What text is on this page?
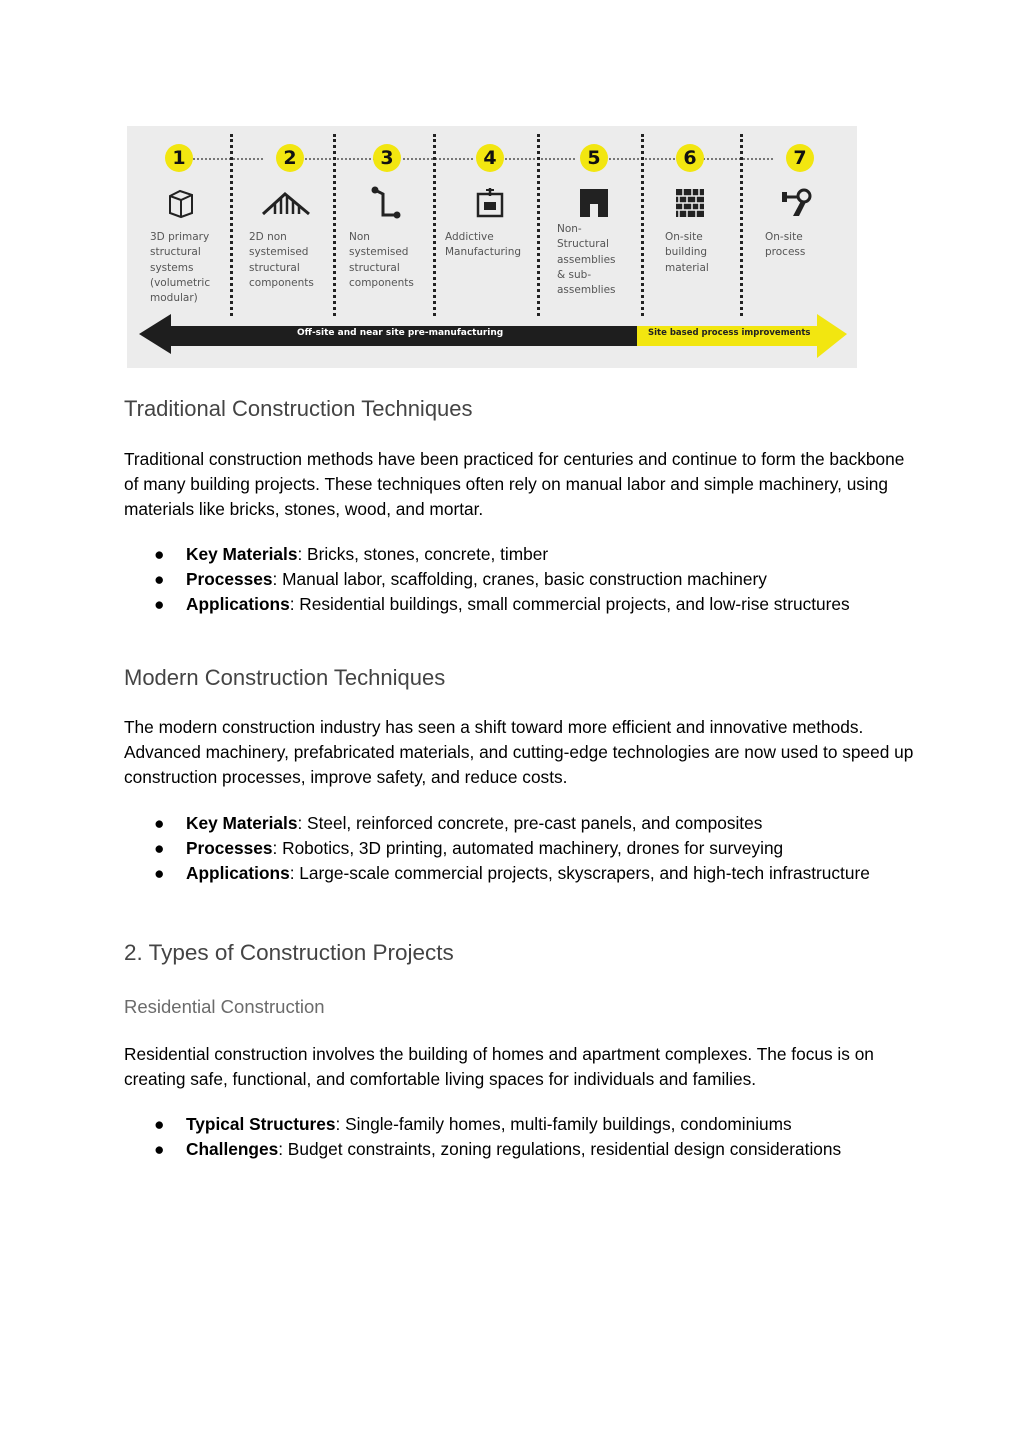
1
3D primary
structural
systems
(volumetric
modular)
2
2D non
systemised
structural
components
3
Non
systemised
structural
components
4
Addictive
Manufacturing
5
Non-
Structural
assemblies
& sub-
assemblies
6
On-site
building
material
7
On-site
process
Off-site and near site pre-manufacturing	Site based process improvements
Traditional Construction Techniques

Traditional construction methods have been practiced for centuries and continue to form the backbone of many building projects. These techniques often rely on manual labor and simple machinery, using materials like bricks, stones, wood, and mortar.

● Key Materials: Bricks, stones, concrete, timber
● Processes: Manual labor, scaffolding, cranes, basic construction machinery
● Applications: Residential buildings, small commercial projects, and low-rise structures
Modern Construction Techniques

The modern construction industry has seen a shift toward more efficient and innovative methods. Advanced machinery, prefabricated materials, and cutting-edge technologies are now used to speed up construction processes, improve safety, and reduce costs.

● Key Materials: Steel, reinforced concrete, pre-cast panels, and composites
● Processes: Robotics, 3D printing, automated machinery, drones for surveying
● Applications: Large-scale commercial projects, skyscrapers, and high-tech infrastructure
2. Types of Construction Projects
Residential Construction

Residential construction involves the building of homes and apartment complexes. The focus is on creating safe, functional, and comfortable living spaces for individuals and families.

● Typical Structures: Single-family homes, multi-family buildings, condominiums
● Challenges: Budget constraints, zoning regulations, residential design considerations
